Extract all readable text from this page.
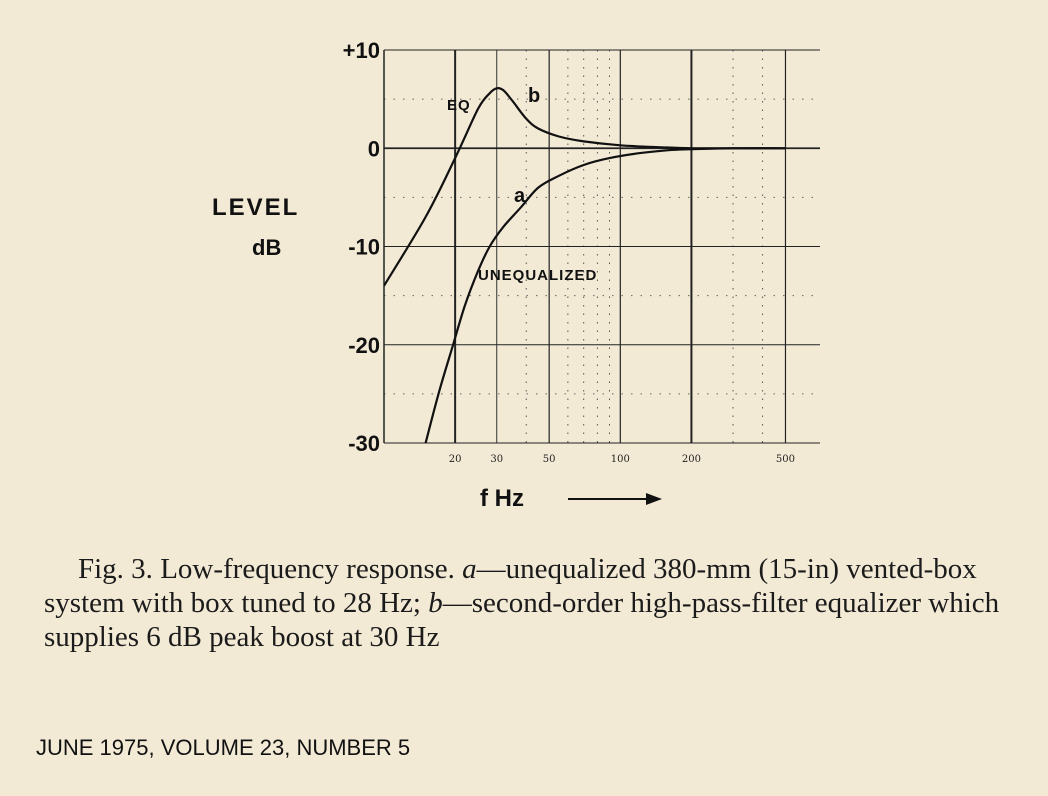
+10
0
-10
-20
-30
20	30	50	100	200	500
LEVEL
dB
f Hz
EQ	b
a
UNEQUALIZED
Fig. 3. Low-frequency response. a—unequalized 380-mm (15-in) vented-box system with box tuned to 28 Hz; b—second-order high-pass-filter equalizer which supplies 6 dB peak boost at 30 Hz
JUNE 1975, VOLUME 23, NUMBER 5
